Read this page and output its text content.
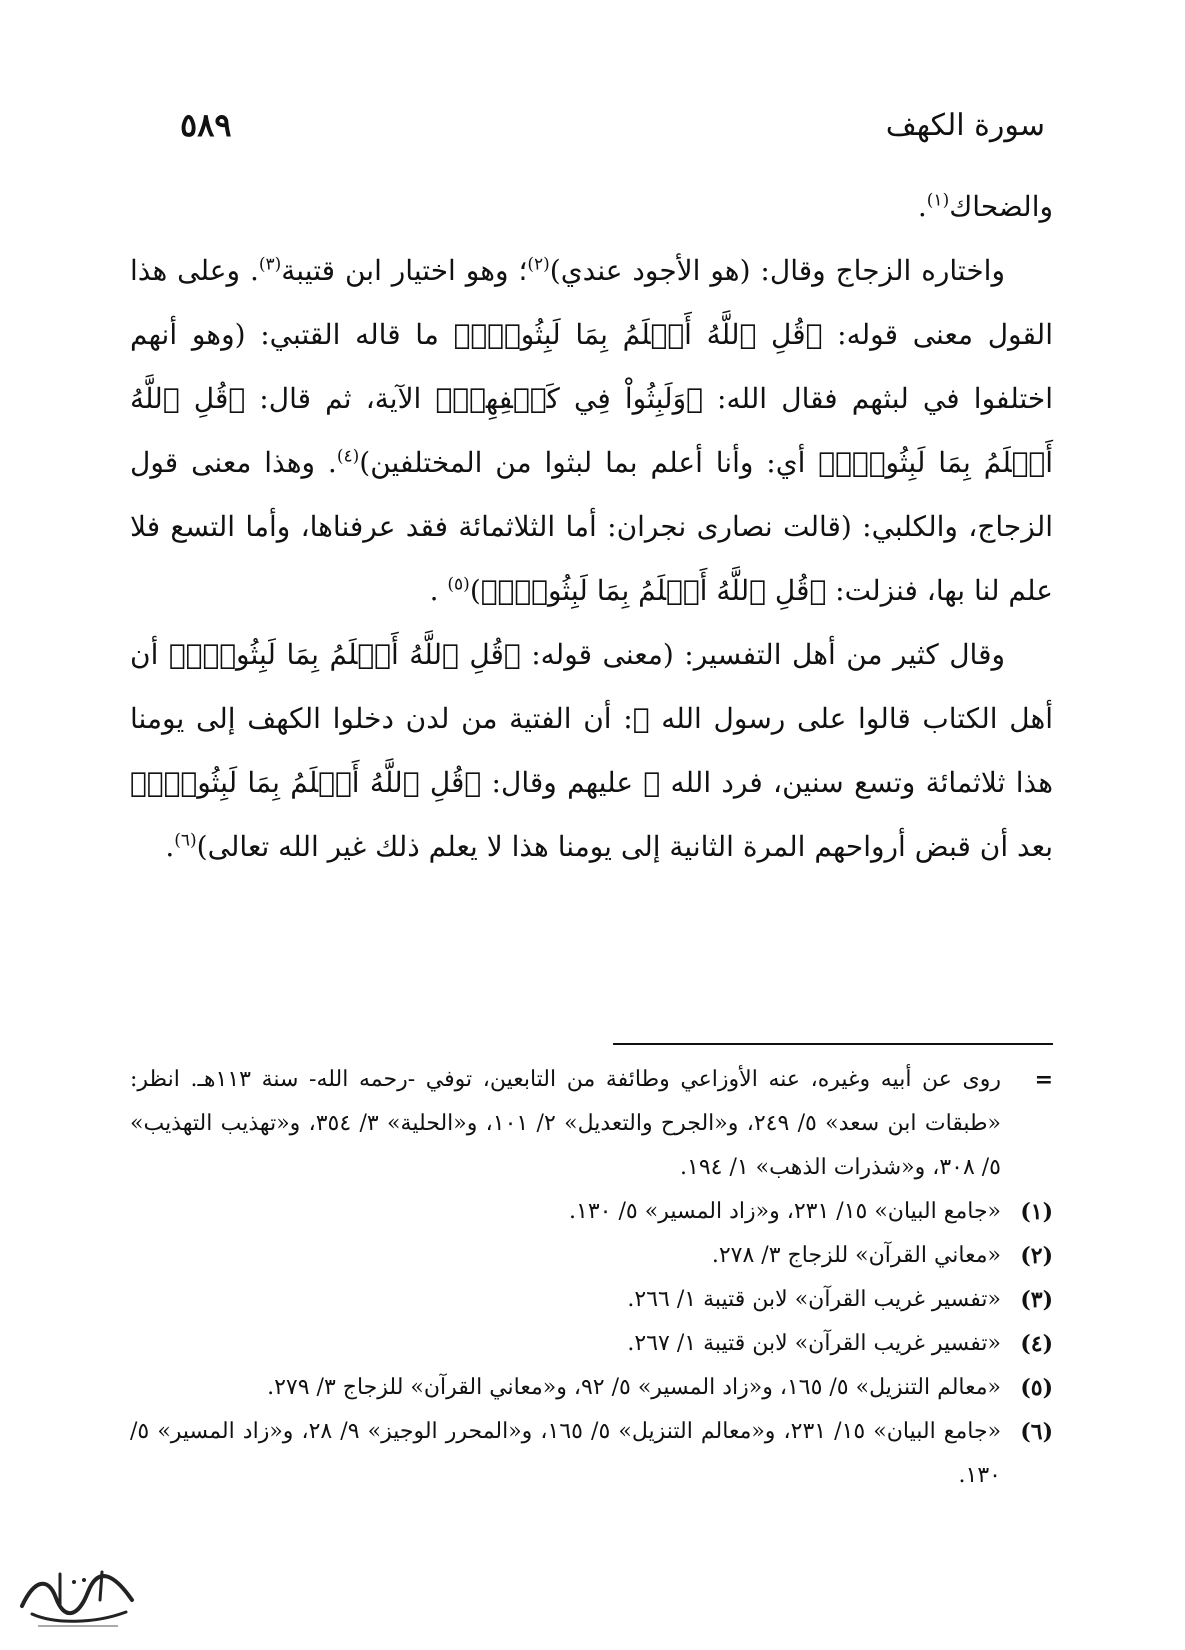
سورة الكهف
٥٨٩

والضحاك$^{(١)}$.

واختاره الزجاج وقال: (هو الأجود عندي)$^{(٢)}$؛ وهو اختيار ابن قتيبة$^{(٣)}$. وعلى هذا القول معنى قوله: ﴿قُلِ ٱللَّهُ أَعۡلَمُ بِمَا لَبِثُواْۖ﴾ ما قاله القتبي: (وهو أنهم اختلفوا في لبثهم فقال الله: ﴿وَلَبِثُواْ فِي كَهۡفِهِمۡ﴾ الآية، ثم قال: ﴿قُلِ ٱللَّهُ أَعۡلَمُ بِمَا لَبِثُواْۖ﴾ أي: وأنا أعلم بما لبثوا من المختلفين)$^{(٤)}$. وهذا معنى قول الزجاج، والكلبي: (قالت نصارى نجران: أما الثلاثمائة فقد عرفناها، وأما التسع فلا علم لنا بها، فنزلت: ﴿قُلِ ٱللَّهُ أَعۡلَمُ بِمَا لَبِثُواْۖ﴾)$^{(٥)}$ .

وقال كثير من أهل التفسير: (معنى قوله: ﴿قُلِ ٱللَّهُ أَعۡلَمُ بِمَا لَبِثُواْۖ﴾ أن أهل الكتاب قالوا على رسول الله ﷺ: أن الفتية من لدن دخلوا الكهف إلى يومنا هذا ثلاثمائة وتسع سنين، فرد الله ﷻ عليهم وقال: ﴿قُلِ ٱللَّهُ أَعۡلَمُ بِمَا لَبِثُواْۖ﴾ بعد أن قبض أرواحهم المرة الثانية إلى يومنا هذا لا يعلم ذلك غير الله تعالى)$^{(٦)}$.

=
روى عن أبيه وغيره، عنه الأوزاعي وطائفة من التابعين، توفي -رحمه الله- سنة ١١٣هـ. انظر: «طبقات ابن سعد» ٥/ ٢٤٩، و«الجرح والتعديل» ٢/ ١٠١، و«الحلية» ٣/ ٣٥٤، و«تهذيب التهذيب» ٥/ ٣٠٨، و«شذرات الذهب» ١/ ١٩٤.
(١)
«جامع البيان» ١٥/ ٢٣١، و«زاد المسير» ٥/ ١٣٠.
(٢)
«معاني القرآن» للزجاج ٣/ ٢٧٨.
(٣)
«تفسير غريب القرآن» لابن قتيبة ١/ ٢٦٦.
(٤)
«تفسير غريب القرآن» لابن قتيبة ١/ ٢٦٧.
(٥)
«معالم التنزيل» ٥/ ١٦٥، و«زاد المسير» ٥/ ٩٢، و«معاني القرآن» للزجاج ٣/ ٢٧٩.
(٦)
«جامع البيان» ١٥/ ٢٣١، و«معالم التنزيل» ٥/ ١٦٥، و«المحرر الوجيز» ٩/ ٢٨، و«زاد المسير» ٥/ ١٣٠.
